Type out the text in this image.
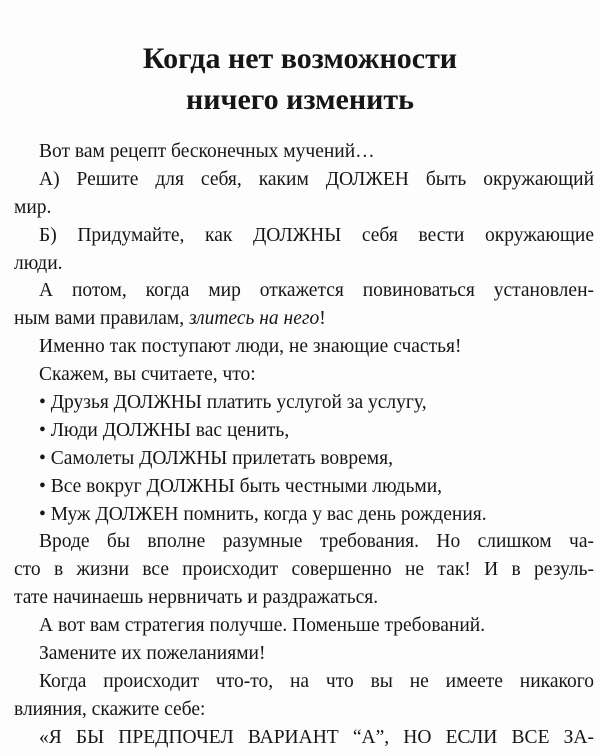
Когда нет возможности
ничего изменить
Вот вам рецепт бесконечных мучений…
А) Решите для себя, каким ДОЛЖЕН быть окружающий
мир.
Б) Придумайте, как ДОЛЖНЫ себя вести окружающие
люди.
А потом, когда мир откажется повиноваться установлен-
ным вами правилам, злитесь на него!
Именно так поступают люди, не знающие счастья!
Скажем, вы считаете, что:
• Друзья ДОЛЖНЫ платить услугой за услугу,
• Люди ДОЛЖНЫ вас ценить,
• Самолеты ДОЛЖНЫ прилетать вовремя,
• Все вокруг ДОЛЖНЫ быть честными людьми,
• Муж ДОЛЖЕН помнить, когда у вас день рождения.
Вроде бы вполне разумные требования. Но слишком ча-
сто в жизни все происходит совершенно не так! И в резуль-
тате начинаешь нервничать и раздражаться.
А вот вам стратегия получше. Поменьше требований.
Замените их пожеланиями!
Когда происходит что-то, на что вы не имеете никакого
влияния, скажите себе:
«Я БЫ ПРЕДПОЧЕЛ ВАРИАНТ “А”, НО ЕСЛИ ВСЕ ЗА-
